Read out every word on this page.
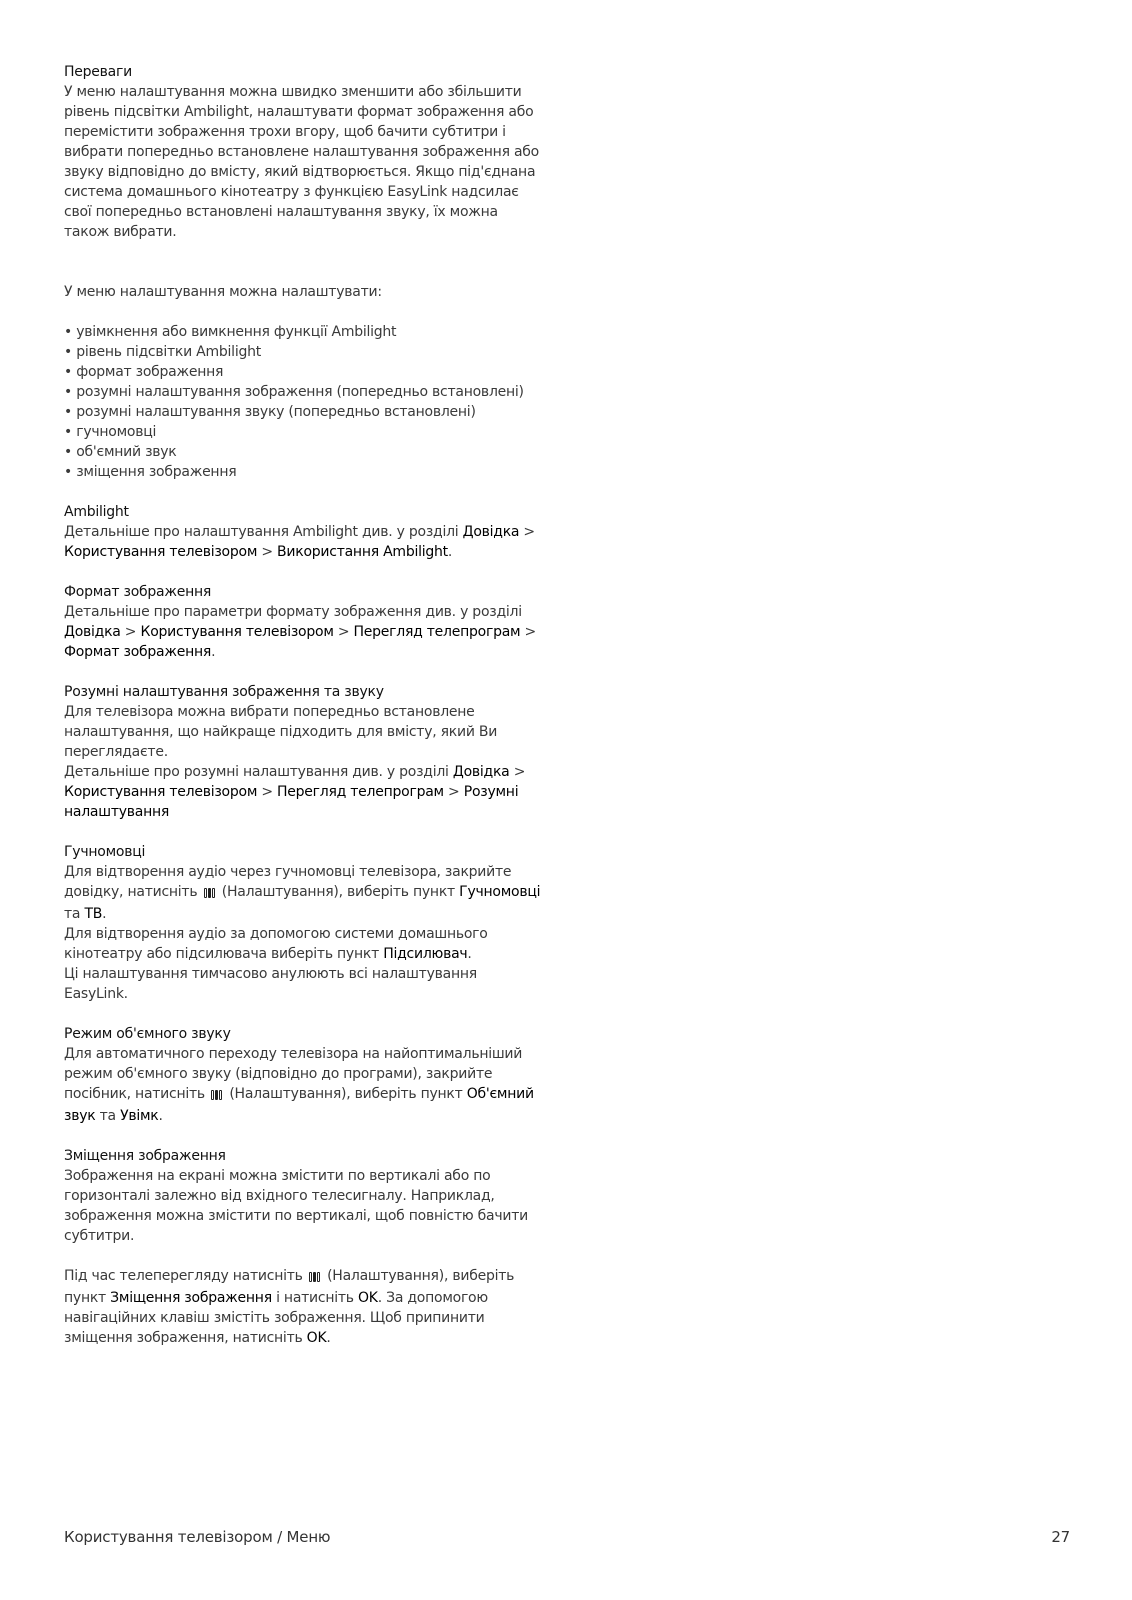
Переваги

У меню налаштування можна швидко зменшити або збільшити рівень підсвітки Ambilight, налаштувати формат зображення або перемістити зображення трохи вгору, щоб бачити субтитри і вибрати попередньо встановлене налаштування зображення або звуку відповідно до вмісту, який відтворюється. Якщо під'єднана система домашнього кінотеатру з функцією EasyLink надсилає свої попередньо встановлені налаштування звуку, їх можна також вибрати.

У меню налаштування можна налаштувати:

• увімкнення або вимкнення функції Ambilight
• рівень підсвітки Ambilight
• формат зображення
• розумні налаштування зображення (попередньо встановлені)
• розумні налаштування звуку (попередньо встановлені)
• гучномовці
• об'ємний звук
• зміщення зображення

Ambilight

Детальніше про налаштування Ambilight див. у розділі Довідка > Користування телевізором > Використання Ambilight.

Формат зображення

Детальніше про параметри формату зображення див. у розділі Довідка > Користування телевізором > Перегляд телепрограм > Формат зображення.

Розумні налаштування зображення та звуку

Для телевізора можна вибрати попередньо встановлене налаштування, що найкраще підходить для вмісту, який Ви переглядаєте.

Детальніше про розумні налаштування див. у розділі Довідка > Користування телевізором > Перегляд телепрограм > Розумні налаштування

Гучномовці

Для відтворення аудіо через гучномовці телевізора, закрийте довідку, натисніть  (Налаштування), виберіть пункт Гучномовці та TB.

Для відтворення аудіо за допомогою системи домашнього кінотеатру або підсилювача виберіть пункт Підсилювач.

Ці налаштування тимчасово анулюють всі налаштування EasyLink.

Режим об'ємного звуку

Для автоматичного переходу телевізора на найоптимальніший режим об'ємного звуку (відповідно до програми), закрийте посібник, натисніть  (Налаштування), виберіть пункт Об'ємний звук та Увімк.

Зміщення зображення

Зображення на екрані можна змістити по вертикалі або по горизонталі залежно від вхідного телесигналу. Наприклад, зображення можна змістити по вертикалі, щоб повністю бачити субтитри.

Під час телеперегляду натисніть  (Налаштування), виберіть пункт Зміщення зображення і натисніть OK. За допомогою навігаційних клавіш змістіть зображення. Щоб припинити зміщення зображення, натисніть OK.

Користування телевізором / Меню	27
